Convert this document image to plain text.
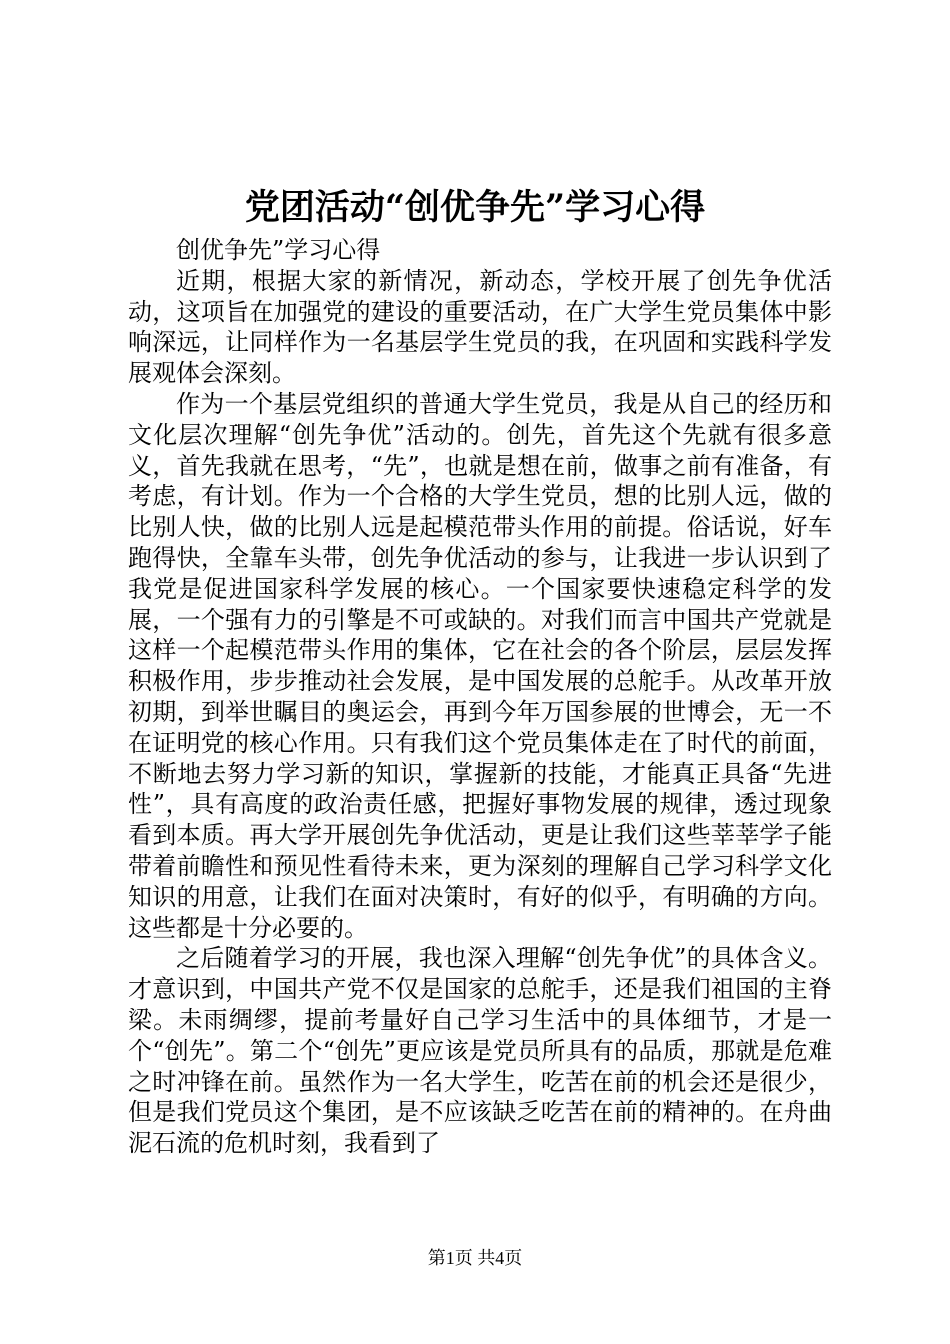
党团活动“创优争先”学习心得

创优争先”学习心得

近期，根据大家的新情况，新动态，学校开展了创先争优活动，这项旨在加强党的建设的重要活动，在广大学生党员集体中影响深远，让同样作为一名基层学生党员的我，在巩固和实践科学发展观体会深刻。

作为一个基层党组织的普通大学生党员，我是从自己的经历和文化层次理解“创先争优”活动的。创先，首先这个先就有很多意义，首先我就在思考，“先”，也就是想在前，做事之前有准备，有考虑，有计划。作为一个合格的大学生党员，想的比别人远，做的比别人快，做的比别人远是起模范带头作用的前提。俗话说，好车跑得快，全靠车头带，创先争优活动的参与，让我进一步认识到了我党是促进国家科学发展的核心。一个国家要快速稳定科学的发展，一个强有力的引擎是不可或缺的。对我们而言中国共产党就是这样一个起模范带头作用的集体，它在社会的各个阶层，层层发挥积极作用，步步推动社会发展，是中国发展的总舵手。从改革开放初期，到举世瞩目的奥运会，再到今年万国参展的世博会，无一不在证明党的核心作用。只有我们这个党员集体走在了时代的前面，不断地去努力学习新的知识，掌握新的技能，才能真正具备“先进性”，具有高度的政治责任感，把握好事物发展的规律，透过现象看到本质。再大学开展创先争优活动，更是让我们这些莘莘学子能带着前瞻性和预见性看待未来，更为深刻的理解自己学习科学文化知识的用意，让我们在面对决策时，有好的似乎，有明确的方向。这些都是十分必要的。

之后随着学习的开展，我也深入理解“创先争优”的具体含义。才意识到，中国共产党不仅是国家的总舵手，还是我们祖国的主脊梁。未雨绸缪，提前考量好自己学习生活中的具体细节，才是一个“创先”。第二个“创先”更应该是党员所具有的品质，那就是危难之时冲锋在前。虽然作为一名大学生，吃苦在前的机会还是很少，但是我们党员这个集团，是不应该缺乏吃苦在前的精神的。在舟曲泥石流的危机时刻，我看到了

第1页 共4页
